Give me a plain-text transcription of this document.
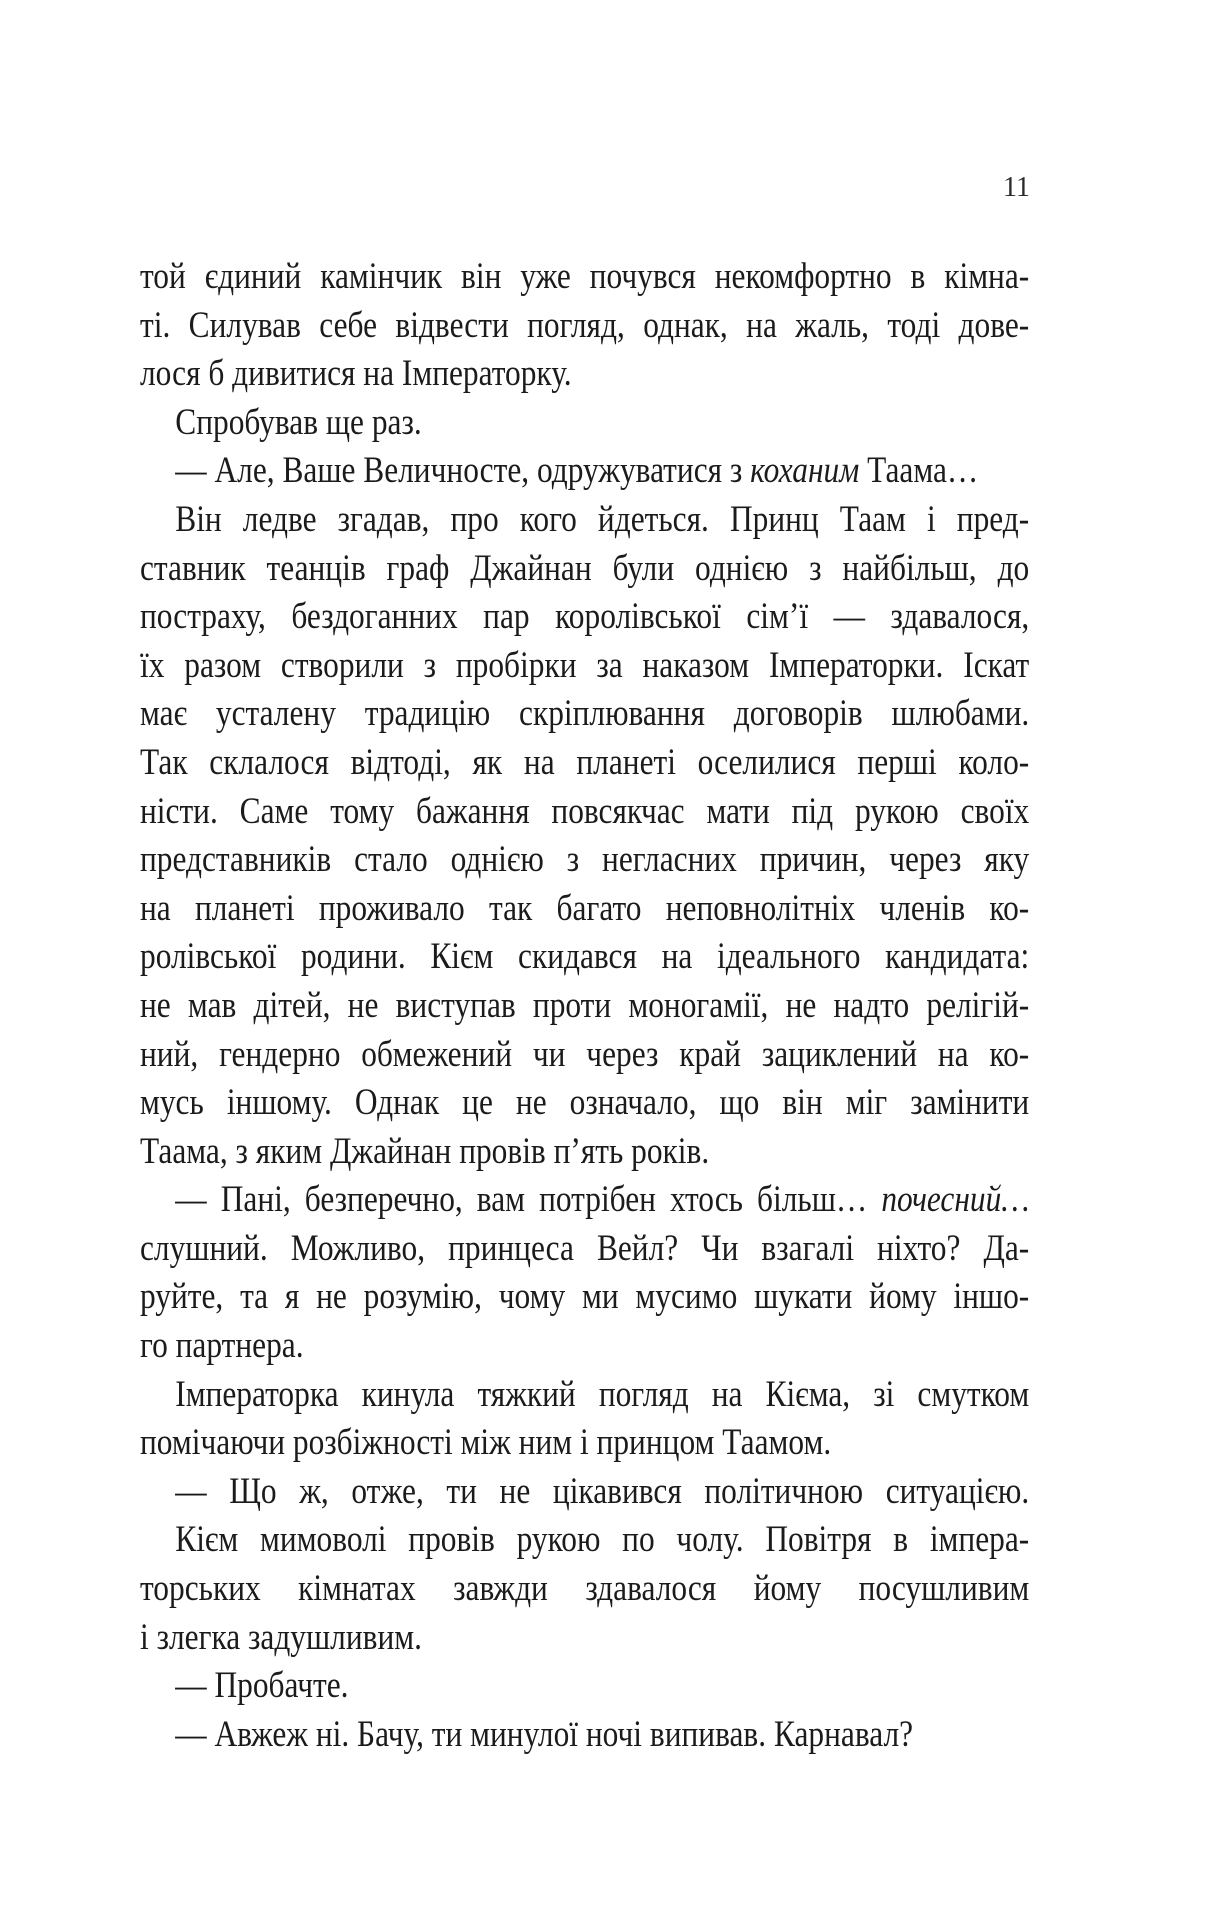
11
той єдиний камінчик він уже почувся некомфортно в кімна-
ті. Силував себе відвести погляд, однак, на жаль, тоді дове-
лося б дивитися на Імператорку.
Спробував ще раз.
— Але, Ваше Величносте, одружуватися з коханим Таама…
Він ледве згадав, про кого йдеться. Принц Таам і пред-
ставник теанців граф Джайнан були однією з найбільш, до
постраху, бездоганних пар королівської сім’ї — здавалося,
їх разом створили з пробірки за наказом Імператорки. Іскат
має усталену традицію скріплювання договорів шлюбами.
Так склалося відтоді, як на планеті оселилися перші коло-
ністи. Саме тому бажання повсякчас мати під рукою своїх
представників стало однією з негласних причин, через яку
на планеті проживало так багато неповнолітніх членів ко-
ролівської родини. Кієм скидався на ідеального кандидата:
не мав дітей, не виступав проти моногамії, не надто релігій-
ний, гендерно обмежений чи через край зациклений на ко-
мусь іншому. Однак це не означало, що він міг замінити
Таама, з яким Джайнан провів п’ять років.
— Пані, безперечно, вам потрібен хтось більш… почесний…
слушний. Можливо, принцеса Вейл? Чи взагалі ніхто? Да-
руйте, та я не розумію, чому ми мусимо шукати йому іншо-
го партнера.
Імператорка кинула тяжкий погляд на Кієма, зі смутком
помічаючи розбіжності між ним і принцом Таамом.
— Що ж, отже, ти не цікавився політичною ситуацією.
Кієм мимоволі провів рукою по чолу. Повітря в імпера-
торських кімнатах завжди здавалося йому посушливим
і злегка задушливим.
— Пробачте.
— Авжеж ні. Бачу, ти минулої ночі випивав. Карнавал?
